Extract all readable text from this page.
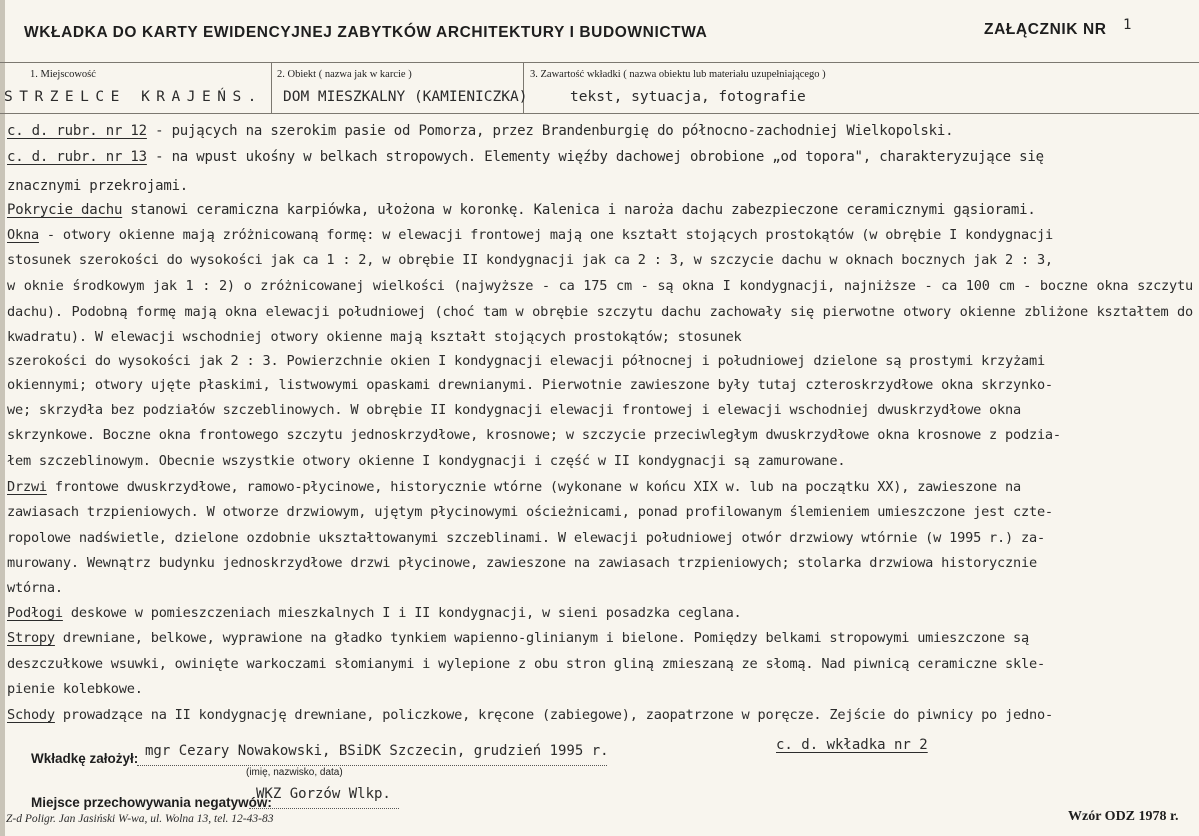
WKŁADKA DO KARTY EWIDENCYJNEJ ZABYTKÓW ARCHITEKTURY I BUDOWNICTWA	ZAŁĄCZNIK NR 1
1. Miejscowość
STRZELCE KRAJEŃS.
2. Obiekt ( nazwa jak w karcie )
DOM MIESZKALNY (KAMIENICZKA)
3. Zawartość wkładki ( nazwa obiektu lub materiału uzupełniającego )
tekst, sytuacja, fotografie
c. d. rubr. nr 12 - pujących na szerokim pasie od Pomorza, przez Brandenburgię do północno-zachodniej Wielkopolski.
c. d. rubr. nr 13 - na wpust ukośny w belkach stropowych. Elementy więźby dachowej obrobione „od topora", charakteryzujące się
znacznymi przekrojami.
Pokrycie dachu stanowi ceramiczna karpiówka, ułożona w koronkę. Kalenica i naroża dachu zabezpieczone ceramicznymi gąsiorami.
Okna - otwory okienne mają zróżnicowaną formę: w elewacji frontowej mają one kształt stojących prostokątów (w obrębie I kondygnacji
stosunek szerokości do wysokości jak ca 1 : 2, w obrębie II kondygnacji jak ca 2 : 3, w szczycie dachu w oknach bocznych jak 2 : 3,
w oknie środkowym jak 1 : 2) o zróżnicowanej wielkości (najwyższe - ca 175 cm - są okna I kondygnacji, najniższe - ca 100 cm - boczne okna szczytu dachu). Podobną formę mają okna elewacji południowej (choć tam w obrębie szczytu dachu zachowały się pierwotne otwory okienne zbliżone kształtem do kwadratu). W elewacji wschodniej otwory okienne mają kształt stojących prostokątów; stosunek
szerokości do wysokości jak 2 : 3. Powierzchnie okien I kondygnacji elewacji północnej i południowej dzielone są prostymi krzyżami
okiennymi; otwory ujęte płaskimi, listwowymi opaskami drewnianymi. Pierwotnie zawieszone były tutaj czteroskrzydłowe okna skrzynko-
we; skrzydła bez podziałów szczeblinowych. W obrębie II kondygnacji elewacji frontowej i elewacji wschodniej dwuskrzydłowe okna
skrzynkowe. Boczne okna frontowego szczytu jednoskrzydłowe, krosnowe; w szczycie przeciwległym dwuskrzydłowe okna krosnowe z podzia-
łem szczeblinowym. Obecnie wszystkie otwory okienne I kondygnacji i część w II kondygnacji są zamurowane.
Drzwi frontowe dwuskrzydłowe, ramowo-płycinowe, historycznie wtórne (wykonane w końcu XIX w. lub na początku XX), zawieszone na
zawiasach trzpieniowych. W otworze drzwiowym, ujętym płycinowymi ościeżnicami, ponad profilowanym ślemieniem umieszczone jest czte-
ropolowe nadświetle, dzielone ozdobnie ukształtowanymi szczeblinami. W elewacji południowej otwór drzwiowy wtórnie (w 1995 r.) za-
murowany. Wewnątrz budynku jednoskrzydłowe drzwi płycinowe, zawieszone na zawiasach trzpieniowych; stolarka drzwiowa historycznie
wtórna.
Podłogi deskowe w pomieszczeniach mieszkalnych I i II kondygnacji, w sieni posadzka ceglana.
Stropy drewniane, belkowe, wyprawione na gładko tynkiem wapienno-glinianym i bielone. Pomiędzy belkami stropowymi umieszczone są
deszczułkowe wsuwki, owinięte warkoczami słomianymi i wylepione z obu stron gliną zmieszaną ze słomą. Nad piwnicą ceramiczne skle-
pienie kolebkowe.
Schody prowadzące na II kondygnację drewniane, policzkowe, kręcone (zabiegowe), zaopatrzone w poręcze. Zejście do piwnicy po jedno-
Wkładkę założył: mgr Cezary Nowakowski, BSiDK Szczecin, grudzień 1995 r.
(imię, nazwisko, data)
c. d. wkładka nr 2
Miejsce przechowywania negatywów:
WKZ Gorzów Wlkp.
Z-d Poligr. Jan Jasiński W-wa, ul. Wolna 13, tel. 12-43-83	Wzór ODZ 1978 r.
